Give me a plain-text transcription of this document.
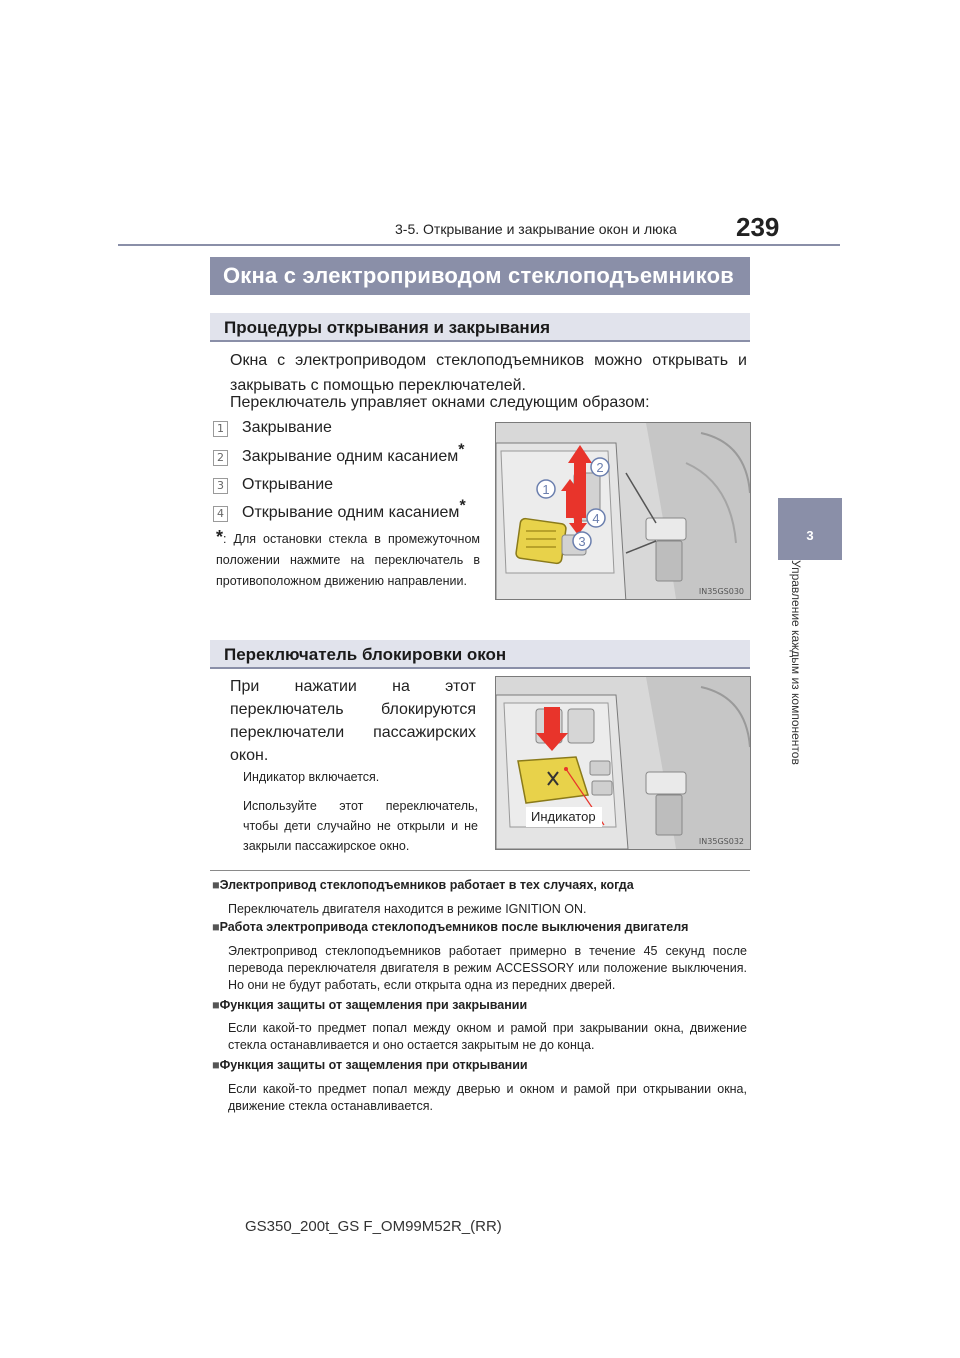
3-5. Открывание и закрывание окон и люка 239
Окна с электроприводом стеклоподъемников
Процедуры открывания и закрывания
Окна с электроприводом стеклоподъемников можно открывать и закрывать с помощью переключателей.
Переключатель управляет окнами следующим образом:
1 Закрывание
2 Закрывание одним касанием*
3 Открывание
4 Открывание одним касанием*
*: Для остановки стекла в промежуточном положении нажмите на переключатель в противоположном движению направлении.
1
2
3
4
IN35GS030
Переключатель блокировки окон
При нажатии на этот переключатель блокируются переключатели пассажирских окон.
Индикатор включается.
Используйте этот переключатель, чтобы дети случайно не открыли и не закрыли пассажирское окно.
Индикатор
IN35GS032
■Электропривод стеклоподъемников работает в тех случаях, когда
Переключатель двигателя находится в режиме IGNITION ON.
■Работа электропривода стеклоподъемников после выключения двигателя
Электропривод стеклоподъемников работает примерно в течение 45 секунд после перевода переключателя двигателя в режим ACCESSORY или положение выключения. Но они не будут работать, если открыта одна из передних дверей.
■Функция защиты от защемления при закрывании
Если какой-то предмет попал между окном и рамой при закрывании окна, движение стекла останавливается и оно остается закрытым не до конца.
■Функция защиты от защемления при открывании
Если какой-то предмет попал между дверью и окном и рамой при открывании окна, движение стекла останавливается.
3
Управление каждым из компонентов
GS350_200t_GS F_OM99M52R_(RR)
